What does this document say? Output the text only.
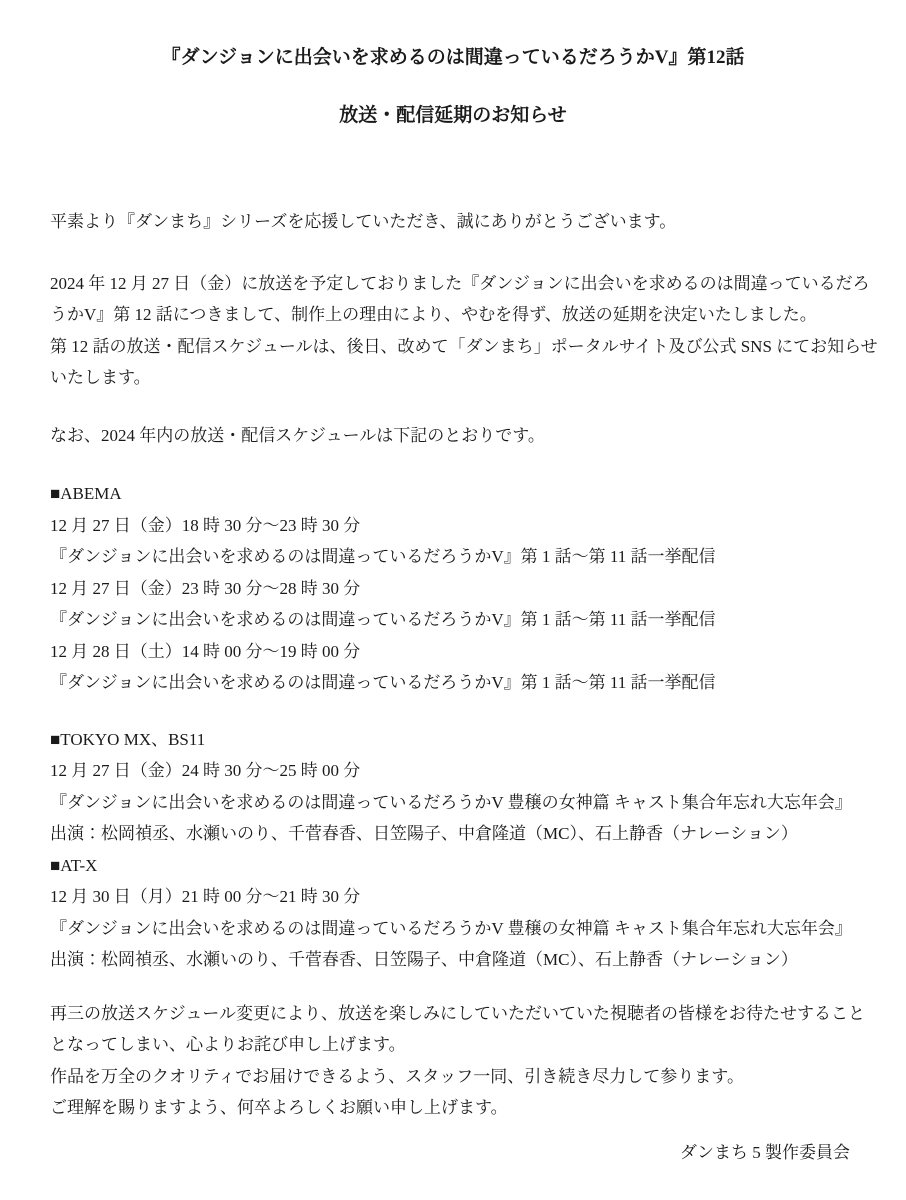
『ダンジョンに出会いを求めるのは間違っているだろうかV』第12話
放送・配信延期のお知らせ
平素より『ダンまち』シリーズを応援していただき、誠にありがとうございます。
2024 年 12 月 27 日（金）に放送を予定しておりました『ダンジョンに出会いを求めるのは間違っているだろ
うかV』第 12 話につきまして、制作上の理由により、やむを得ず、放送の延期を決定いたしました。
第 12 話の放送・配信スケジュールは、後日、改めて「ダンまち」ポータルサイト及び公式 SNS にてお知らせ
いたします。
なお、2024 年内の放送・配信スケジュールは下記のとおりです。
■ABEMA
12 月 27 日（金）18 時 30 分～23 時 30 分
『ダンジョンに出会いを求めるのは間違っているだろうかV』第 1 話～第 11 話一挙配信
12 月 27 日（金）23 時 30 分～28 時 30 分
『ダンジョンに出会いを求めるのは間違っているだろうかV』第 1 話～第 11 話一挙配信
12 月 28 日（土）14 時 00 分～19 時 00 分
『ダンジョンに出会いを求めるのは間違っているだろうかV』第 1 話～第 11 話一挙配信
■TOKYO MX、BS11
12 月 27 日（金）24 時 30 分～25 時 00 分
『ダンジョンに出会いを求めるのは間違っているだろうかV 豊穣の女神篇 キャスト集合年忘れ大忘年会』
出演：松岡禎丞、水瀬いのり、千菅春香、日笠陽子、中倉隆道（MC）、石上静香（ナレーション）
■AT-X
12 月 30 日（月）21 時 00 分～21 時 30 分
『ダンジョンに出会いを求めるのは間違っているだろうかV 豊穣の女神篇 キャスト集合年忘れ大忘年会』
出演：松岡禎丞、水瀬いのり、千菅春香、日笠陽子、中倉隆道（MC）、石上静香（ナレーション）
再三の放送スケジュール変更により、放送を楽しみにしていただいていた視聴者の皆様をお待たせすること
となってしまい、心よりお詫び申し上げます。
作品を万全のクオリティでお届けできるよう、スタッフ一同、引き続き尽力して参ります。
ご理解を賜りますよう、何卒よろしくお願い申し上げます。
ダンまち 5 製作委員会
